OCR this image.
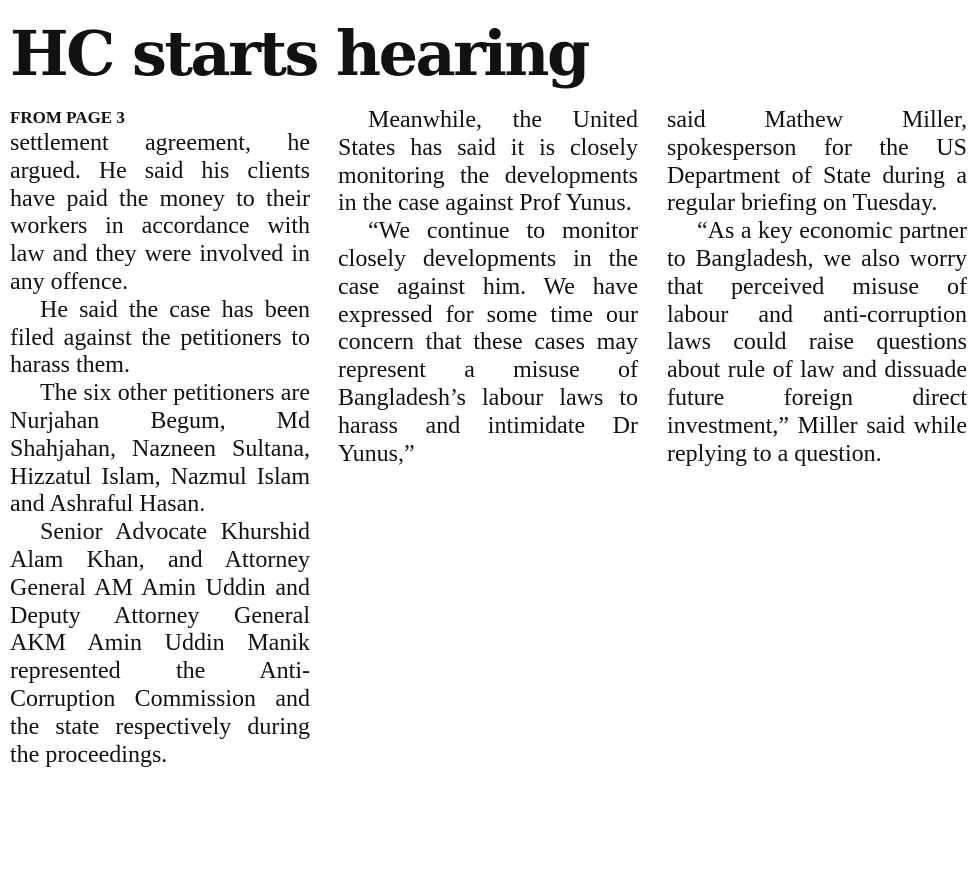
HC starts hearing
FROM PAGE 3

settlement agreement, he argued. He said his clients have paid the money to their workers in accordance with law and they were involved in any offence.

He said the case has been filed against the petitioners to harass them.

The six other petitioners are Nurjahan Begum, Md Shahjahan, Nazneen Sultana, Hizzatul Islam, Nazmul Islam and Ashraful Hasan.

Senior Advocate Khurshid Alam Khan, and Attorney General AM Amin Uddin and Deputy Attorney General AKM Amin Uddin Manik represented the Anti-Corruption Commission and the state respectively during the proceedings.

Meanwhile, the United States has said it is closely monitoring the developments in the case against Prof Yunus.

“We continue to monitor closely developments in the case against him. We have expressed for some time our concern that these cases may represent a misuse of Bangladesh’s labour laws to harass and intimidate Dr Yunus,”

said Mathew Miller, spokesperson for the US Department of State during a regular briefing on Tuesday.

“As a key economic partner to Bangladesh, we also worry that perceived misuse of labour and anti-corruption laws could raise questions about rule of law and dissuade future foreign direct investment,” Miller said while replying to a question.
